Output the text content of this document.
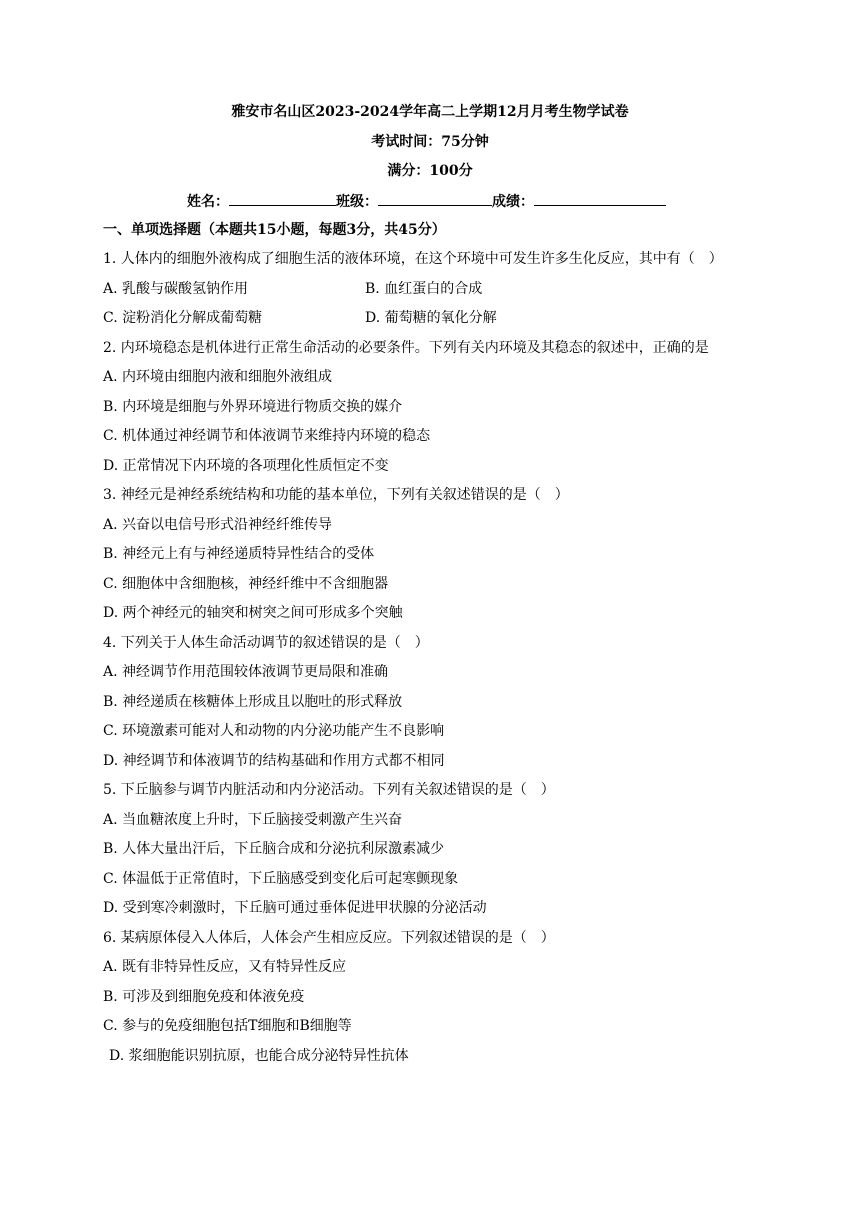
雅安市名山区2023-2024学年高二上学期12月月考生物学试卷
考试时间：75分钟
满分：100分
姓名：	班级：	成绩：
一、单项选择题（本题共15小题，每题3分，共45分）
1. 人体内的细胞外液构成了细胞生活的液体环境，在这个环境中可发生许多生化反应，其中有（　）
A. 乳酸与碳酸氢钠作用	B. 血红蛋白的合成
C. 淀粉消化分解成葡萄糖	D. 葡萄糖的氧化分解
2. 内环境稳态是机体进行正常生命活动的必要条件。下列有关内环境及其稳态的叙述中，正确的是
A. 内环境由细胞内液和细胞外液组成
B. 内环境是细胞与外界环境进行物质交换的媒介
C. 机体通过神经调节和体液调节来维持内环境的稳态
D. 正常情况下内环境的各项理化性质恒定不变
3. 神经元是神经系统结构和功能的基本单位，下列有关叙述错误的是（　）
A. 兴奋以电信号形式沿神经纤维传导
B. 神经元上有与神经递质特异性结合的受体
C. 细胞体中含细胞核，神经纤维中不含细胞器
D. 两个神经元的轴突和树突之间可形成多个突触
4. 下列关于人体生命活动调节的叙述错误的是（　）
A. 神经调节作用范围较体液调节更局限和准确
B. 神经递质在核糖体上形成且以胞吐的形式释放
C. 环境激素可能对人和动物的内分泌功能产生不良影响
D. 神经调节和体液调节的结构基础和作用方式都不相同
5. 下丘脑参与调节内脏活动和内分泌活动。下列有关叙述错误的是（　）
A. 当血糖浓度上升时，下丘脑接受刺激产生兴奋
B. 人体大量出汗后，下丘脑合成和分泌抗利尿激素减少
C. 体温低于正常值时，下丘脑感受到变化后可起寒颤现象
D. 受到寒冷刺激时，下丘脑可通过垂体促进甲状腺的分泌活动
6. 某病原体侵入人体后，人体会产生相应反应。下列叙述错误的是（　）
A. 既有非特异性反应，又有特异性反应
B. 可涉及到细胞免疫和体液免疫
C. 参与的免疫细胞包括T细胞和B细胞等
D. 浆细胞能识别抗原，也能合成分泌特异性抗体
